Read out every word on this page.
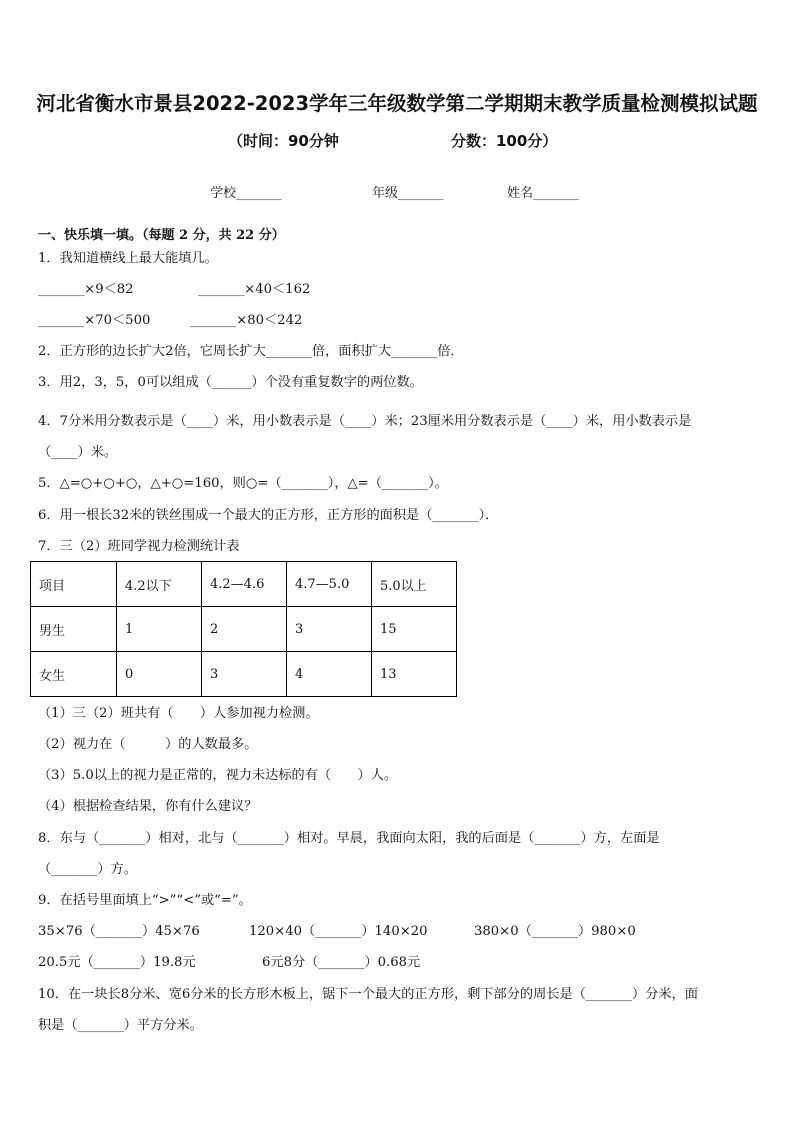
河北省衡水市景县2022-2023学年三年级数学第二学期期末教学质量检测模拟试题
（时间：90分钟	分数：100分）
学校_______	年级_______	姓名_______
一、快乐填一填。（每题 2 分，共 22 分）
1．我知道横线上最大能填几。
_______×9＜82	_______×40＜162
_______×70＜500	_______×80＜242
2．正方形的边长扩大2倍，它周长扩大_______倍，面积扩大_______倍．
3．用2，3，5，0可以组成（______）个没有重复数字的两位数。
4．7分米用分数表示是（____）米，用小数表示是（____）米；23厘米用分数表示是（____）米，用小数表示是
（____）米。
5．△=○+○+○，△+○=160，则○=（_______），△=（_______）。
6．用一根长32米的铁丝围成一个最大的正方形，正方形的面积是（_______）．
7．三（2）班同学视力检测统计表
项目	4.2以下	4.2—4.6	4.7—5.0	5.0以上
男生	1	2	3	15
女生	0	3	4	13
（1）三（2）班共有（　　）人参加视力检测。
（2）视力在（　　　）的人数最多。
（3）5.0以上的视力是正常的，视力未达标的有（　　）人。
（4）根据检查结果，你有什么建议？
8．东与（_______）相对，北与（_______）相对。早晨，我面向太阳，我的后面是（_______）方，左面是
（_______）方。
9．在括号里面填上“>”“<”或“=”。
35×76（_______）45×76	120×40（_______）140×20	380×0（_______）980×0
20.5元（_______）19.8元	6元8分（_______）0.68元
10．在一块长8分米、宽6分米的长方形木板上，锯下一个最大的正方形，剩下部分的周长是（_______）分米，面
积是（_______）平方分米。
